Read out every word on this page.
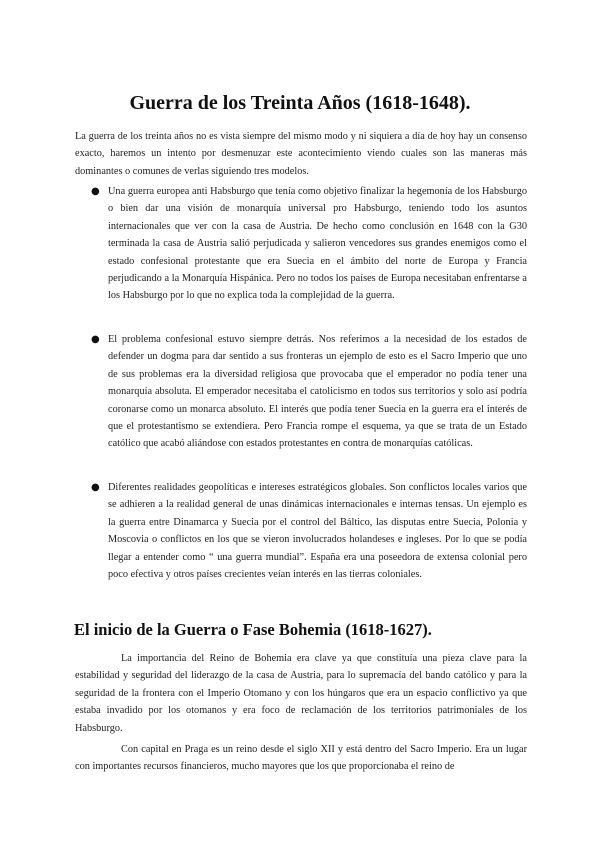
Guerra de los Treinta Años (1618-1648).

La guerra de los treinta años no es vista siempre del mismo modo y ni siquiera a día de hoy hay un consenso exacto, haremos un intento por desmenuzar este acontecimiento viendo cuales son las maneras más dominantes o comunes de verlas siguiendo tres modelos.

● Una guerra europea anti Habsburgo que tenía como objetivo finalizar la hegemonía de los Habsburgo o bien dar una visión de monarquía universal pro Habsburgo, teniendo todo los asuntos internacionales que ver con la casa de Austria. De hecho como conclusión en 1648 con la G30 terminada la casa de Austria salió perjudicada y salieron vencedores sus grandes enemigos como el estado confesional protestante que era Suecia en el ámbito del norte de Europa y Francia perjudicando a la Monarquía Hispánica. Pero no todos los países de Europa necesitaban enfrentarse a los Habsburgo por lo que no explica toda la complejidad de la guerra.

● El problema confesional estuvo siempre detrás. Nos referimos a la necesidad de los estados de defender un dogma para dar sentido a sus fronteras un ejemplo de esto es el Sacro Imperio que uno de sus problemas era la diversidad religiosa que provocaba que el emperador no podía tener una monarquía absoluta. El emperador necesitaba el catolicismo en todos sus territorios y solo así podría coronarse como un monarca absoluto. El interés que podía tener Suecia en la guerra era el interés de que el protestantismo se extendiera. Pero Francia rompe el esquema, ya que se trata de un Estado católico que acabó aliándose con estados protestantes en contra de monarquías católicas.

● Diferentes realidades geopolíticas e intereses estratégicos globales. Son conflictos locales varios que se adhieren a la realidad general de unas dinámicas internacionales e internas tensas. Un ejemplo es la guerra entre Dinamarca y Suecia por el control del Báltico, las disputas entre Suecia, Polonia y Moscovia o conflictos en los que se vieron involucrados holandeses e ingleses. Por lo que se podía llegar a entender como “ una guerra mundial”. España era una poseedora de extensa colonial pero poco efectiva y otros países crecientes veían interés en las tierras coloniales.

El inicio de la Guerra o Fase Bohemia (1618-1627).

La importancia del Reino de Bohemia era clave ya que constituía una pieza clave para la estabilidad y seguridad del liderazgo de la casa de Austria, para lo supremacía del bando católico y para la seguridad de la frontera con el Imperio Otomano y con los húngaros que era un espacio conflictivo ya que estaba invadido por los otomanos y era foco de reclamación de los territorios patrimoniales de los Habsburgo.

Con capital en Praga es un reino desde el siglo XII y está dentro del Sacro Imperio. Era un lugar con importantes recursos financieros, mucho mayores que los que proporcionaba el reino de
